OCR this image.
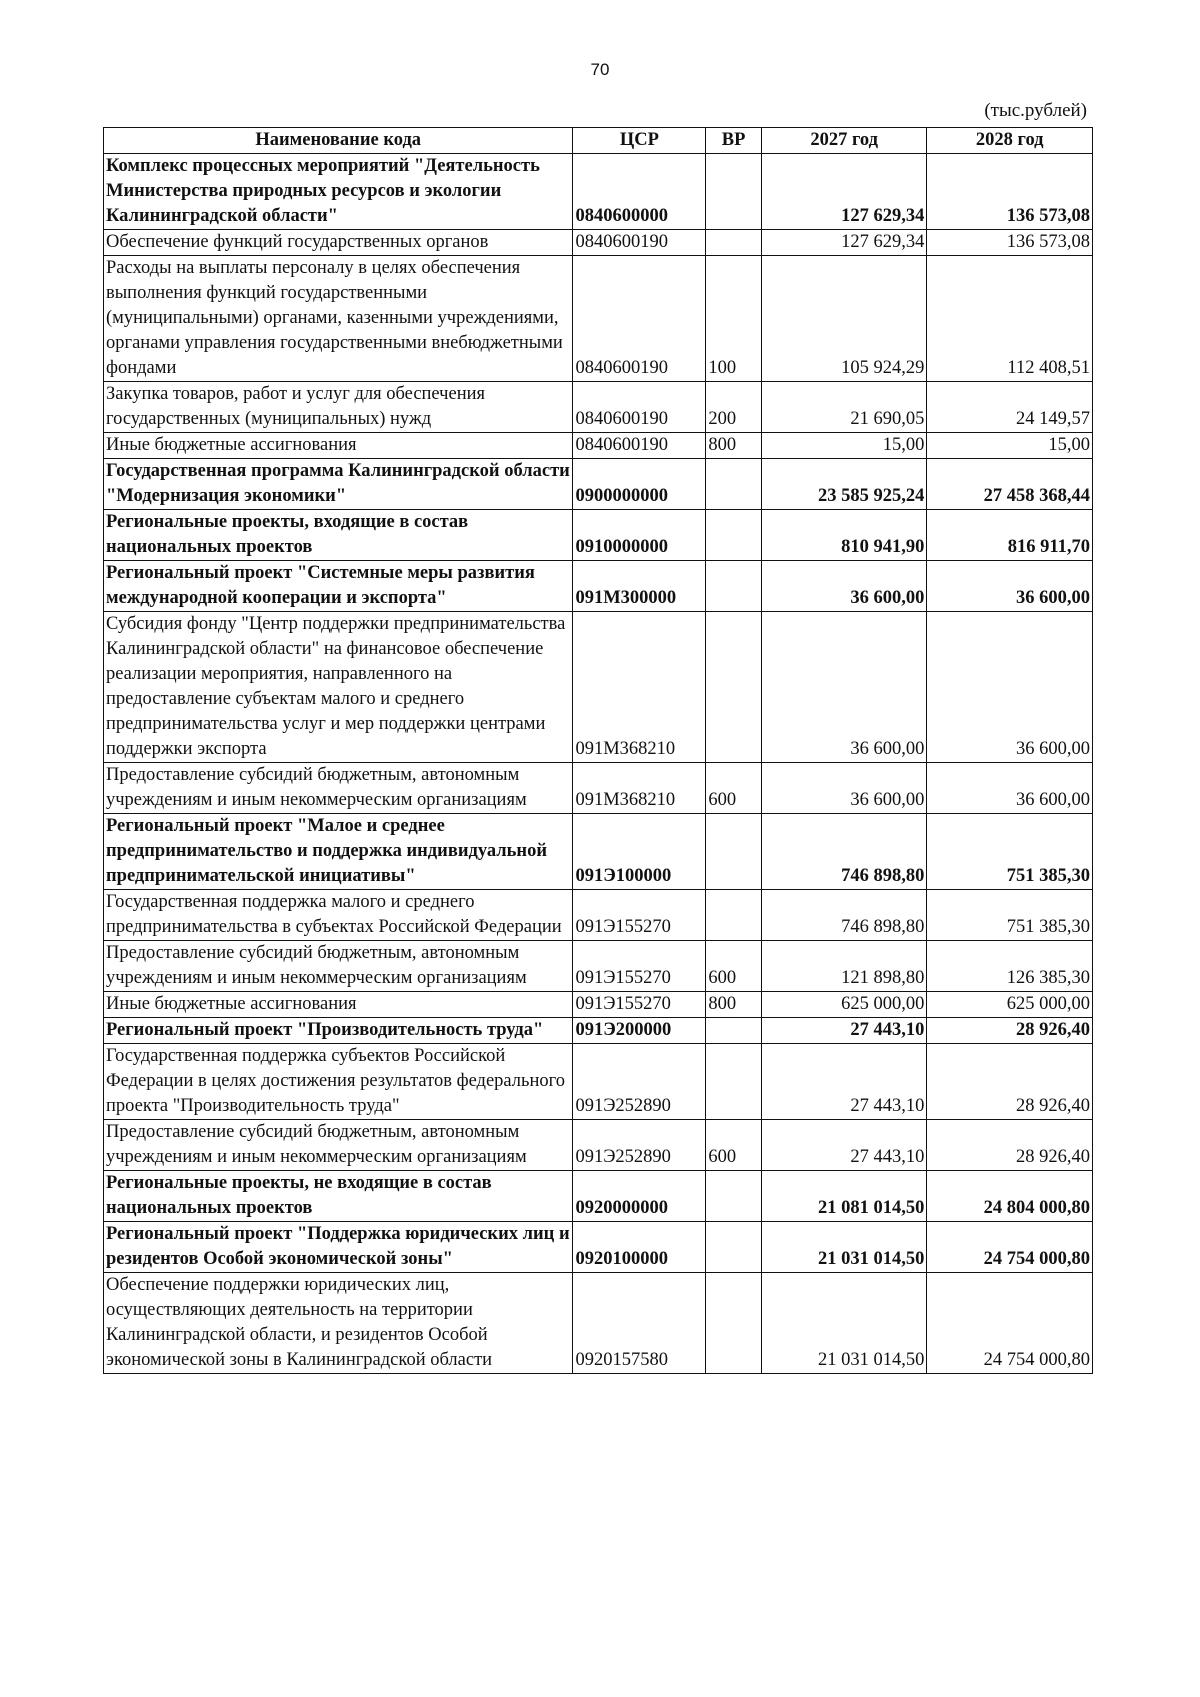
70
(тыс.рублей)
Наименование кода	ЦСР	ВР	2027 год	2028 год
Комплекс процессных мероприятий "Деятельность Министерства природных ресурсов и экологии Калининградской области"	0840600000		127 629,34	136 573,08
Обеспечение функций государственных органов	0840600190		127 629,34	136 573,08
Расходы на выплаты персоналу в целях обеспечения выполнения функций государственными (муниципальными) органами, казенными учреждениями, органами управления государственными внебюджетными фондами	0840600190	100	105 924,29	112 408,51
Закупка товаров, работ и услуг для обеспечения государственных (муниципальных) нужд	0840600190	200	21 690,05	24 149,57
Иные бюджетные ассигнования	0840600190	800	15,00	15,00
Государственная программа Калининградской области "Модернизация экономики"	0900000000		23 585 925,24	27 458 368,44
Региональные проекты, входящие в состав национальных проектов	0910000000		810 941,90	816 911,70
Региональный проект "Системные меры развития международной кооперации и экспорта"	091М300000		36 600,00	36 600,00
Субсидия фонду "Центр поддержки предпринимательства Калининградской области" на финансовое обеспечение реализации мероприятия, направленного на предоставление субъектам малого и среднего предпринимательства услуг и мер поддержки центрами поддержки экспорта	091М368210		36 600,00	36 600,00
Предоставление субсидий бюджетным, автономным учреждениям и иным некоммерческим организациям	091М368210	600	36 600,00	36 600,00
Региональный проект "Малое и среднее предпринимательство и поддержка индивидуальной предпринимательской инициативы"	091Э100000		746 898,80	751 385,30
Государственная поддержка малого и среднего предпринимательства в субъектах Российской Федерации	091Э155270		746 898,80	751 385,30
Предоставление субсидий бюджетным, автономным учреждениям и иным некоммерческим организациям	091Э155270	600	121 898,80	126 385,30
Иные бюджетные ассигнования	091Э155270	800	625 000,00	625 000,00
Региональный проект "Производительность труда"	091Э200000		27 443,10	28 926,40
Государственная поддержка субъектов Российской Федерации в целях достижения результатов федерального проекта "Производительность труда"	091Э252890		27 443,10	28 926,40
Предоставление субсидий бюджетным, автономным учреждениям и иным некоммерческим организациям	091Э252890	600	27 443,10	28 926,40
Региональные проекты, не входящие в состав национальных проектов	0920000000		21 081 014,50	24 804 000,80
Региональный проект "Поддержка юридических лиц и резидентов Особой экономической зоны"	0920100000		21 031 014,50	24 754 000,80
Обеспечение поддержки юридических лиц, осуществляющих деятельность на территории Калининградской области, и резидентов Особой экономической зоны в Калининградской области	0920157580		21 031 014,50	24 754 000,80
